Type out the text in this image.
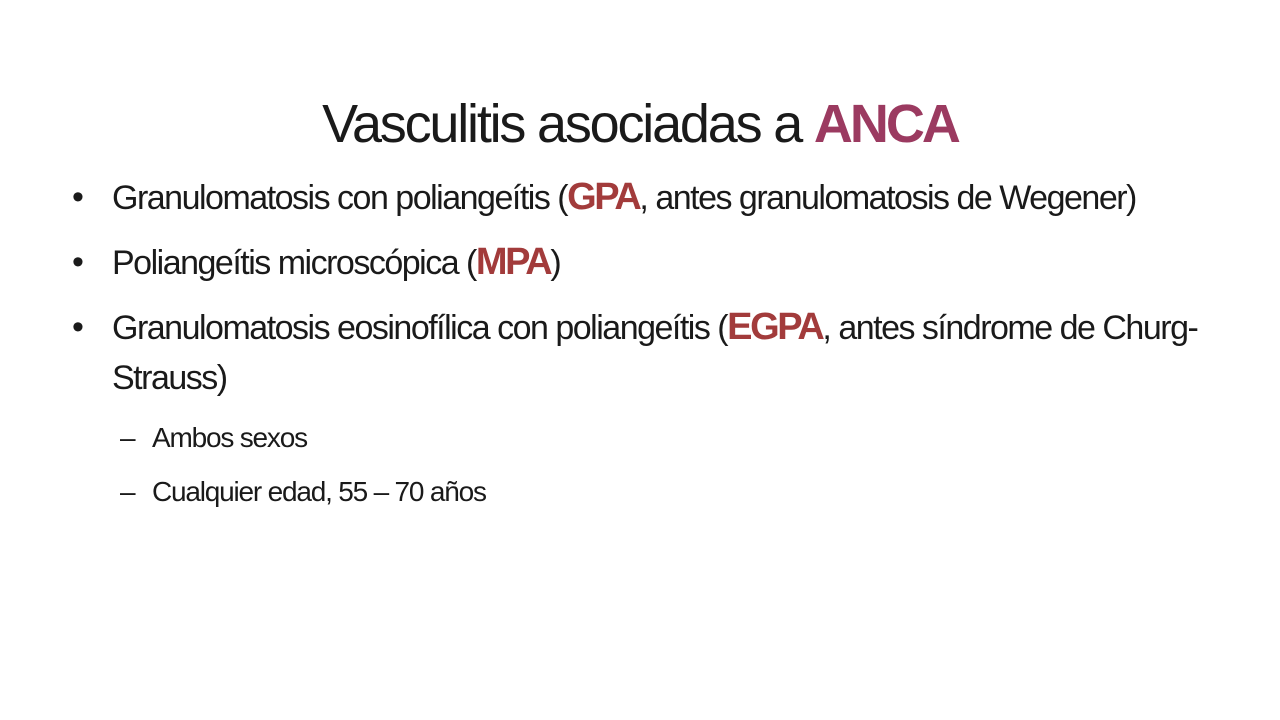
Vasculitis asociadas a ANCA
• Granulomatosis con poliangeítis (GPA, antes granulomatosis de Wegener)
• Poliangeítis microscópica (MPA)
• Granulomatosis eosinofílica con poliangeítis (EGPA, antes síndrome de Churg-Strauss)
– Ambos sexos
– Cualquier edad, 55 – 70 años
